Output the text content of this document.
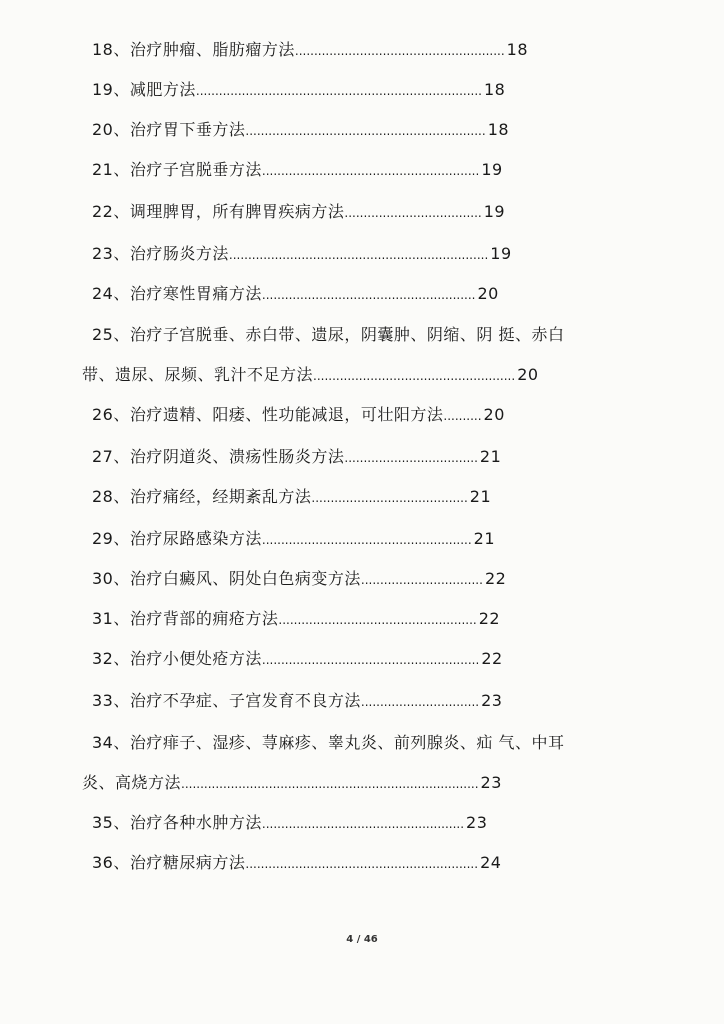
18、治疗肿瘤、脂肪瘤方法 ....................................................... 18
19、减肥方法 ........................................................................... 18
20、治疗胃下垂方法 ............................................................... 18
21、治疗子宫脱垂方法 ......................................................... 19
22、调理脾胃，所有脾胃疾病方法 .................................... 19
23、治疗肠炎方法 .................................................................... 19
24、治疗寒性胃痛方法 ........................................................ 20
25、治疗子宫脱垂、赤白带、遗尿，阴囊肿、阴缩、阴 挺、赤白
带、遗尿、尿频、乳汁不足方法 ..................................................... 20
26、治疗遗精、阳痿、性功能减退，可壮阳方法 .......... 20
27、治疗阴道炎、溃疡性肠炎方法 ................................... 21
28、治疗痛经，经期紊乱方法 ......................................... 21
29、治疗尿路感染方法 ....................................................... 21
30、治疗白癜风、阴处白色病变方法 ................................ 22
31、治疗背部的痈疮方法 .................................................... 22
32、治疗小便处疮方法 ......................................................... 22
33、治疗不孕症、子宫发育不良方法 ............................... 23
34、治疗痱子、湿疹、荨麻疹、睾丸炎、前列腺炎、疝 气、中耳
炎、高烧方法 .............................................................................. 23
35、治疗各种水肿方法 ..................................................... 23
36、治疗糖尿病方法 ............................................................. 24
4 / 46
